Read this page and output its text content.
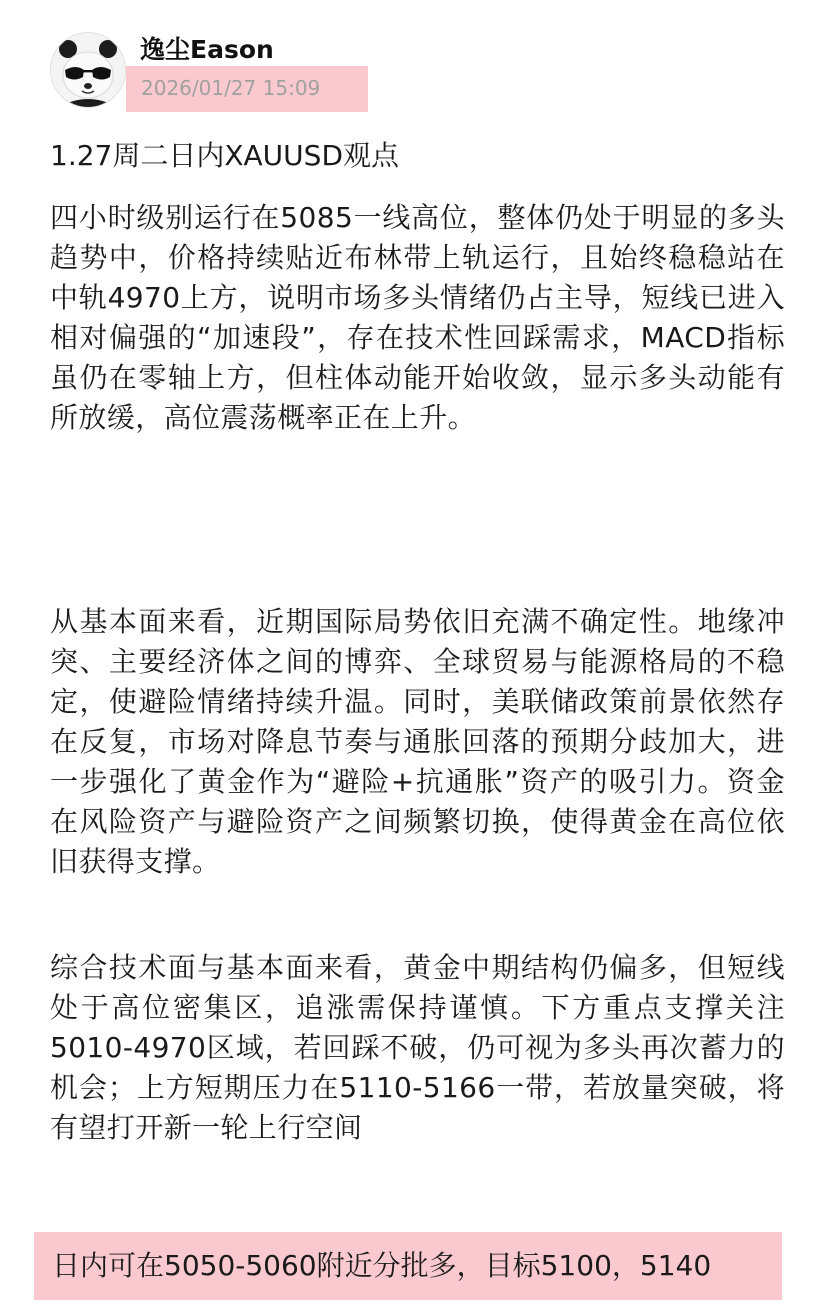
逸尘Eason
2026/01/27 15:09
1.27周二日内XAUUSD观点

四小时级别运行在5085一线高位，整体仍处于明显的多头趋势中，价格持续贴近布林带上轨运行，且始终稳稳站在中轨4970上方，说明市场多头情绪仍占主导，短线已进入相对偏强的“加速段”，存在技术性回踩需求，MACD指标虽仍在零轴上方，但柱体动能开始收敛，显示多头动能有所放缓，高位震荡概率正在上升。

从基本面来看，近期国际局势依旧充满不确定性。地缘冲突、主要经济体之间的博弈、全球贸易与能源格局的不稳定，使避险情绪持续升温。同时，美联储政策前景依然存在反复，市场对降息节奏与通胀回落的预期分歧加大，进一步强化了黄金作为“避险+抗通胀”资产的吸引力。资金在风险资产与避险资产之间频繁切换，使得黄金在高位依旧获得支撑。

综合技术面与基本面来看，黄金中期结构仍偏多，但短线处于高位密集区，追涨需保持谨慎。下方重点支撑关注5010-4970区域，若回踩不破，仍可视为多头再次蓄力的机会；上方短期压力在5110-5166一带，若放量突破，将有望打开新一轮上行空间

日内可在5050-5060附近分批多，目标5100，5140
